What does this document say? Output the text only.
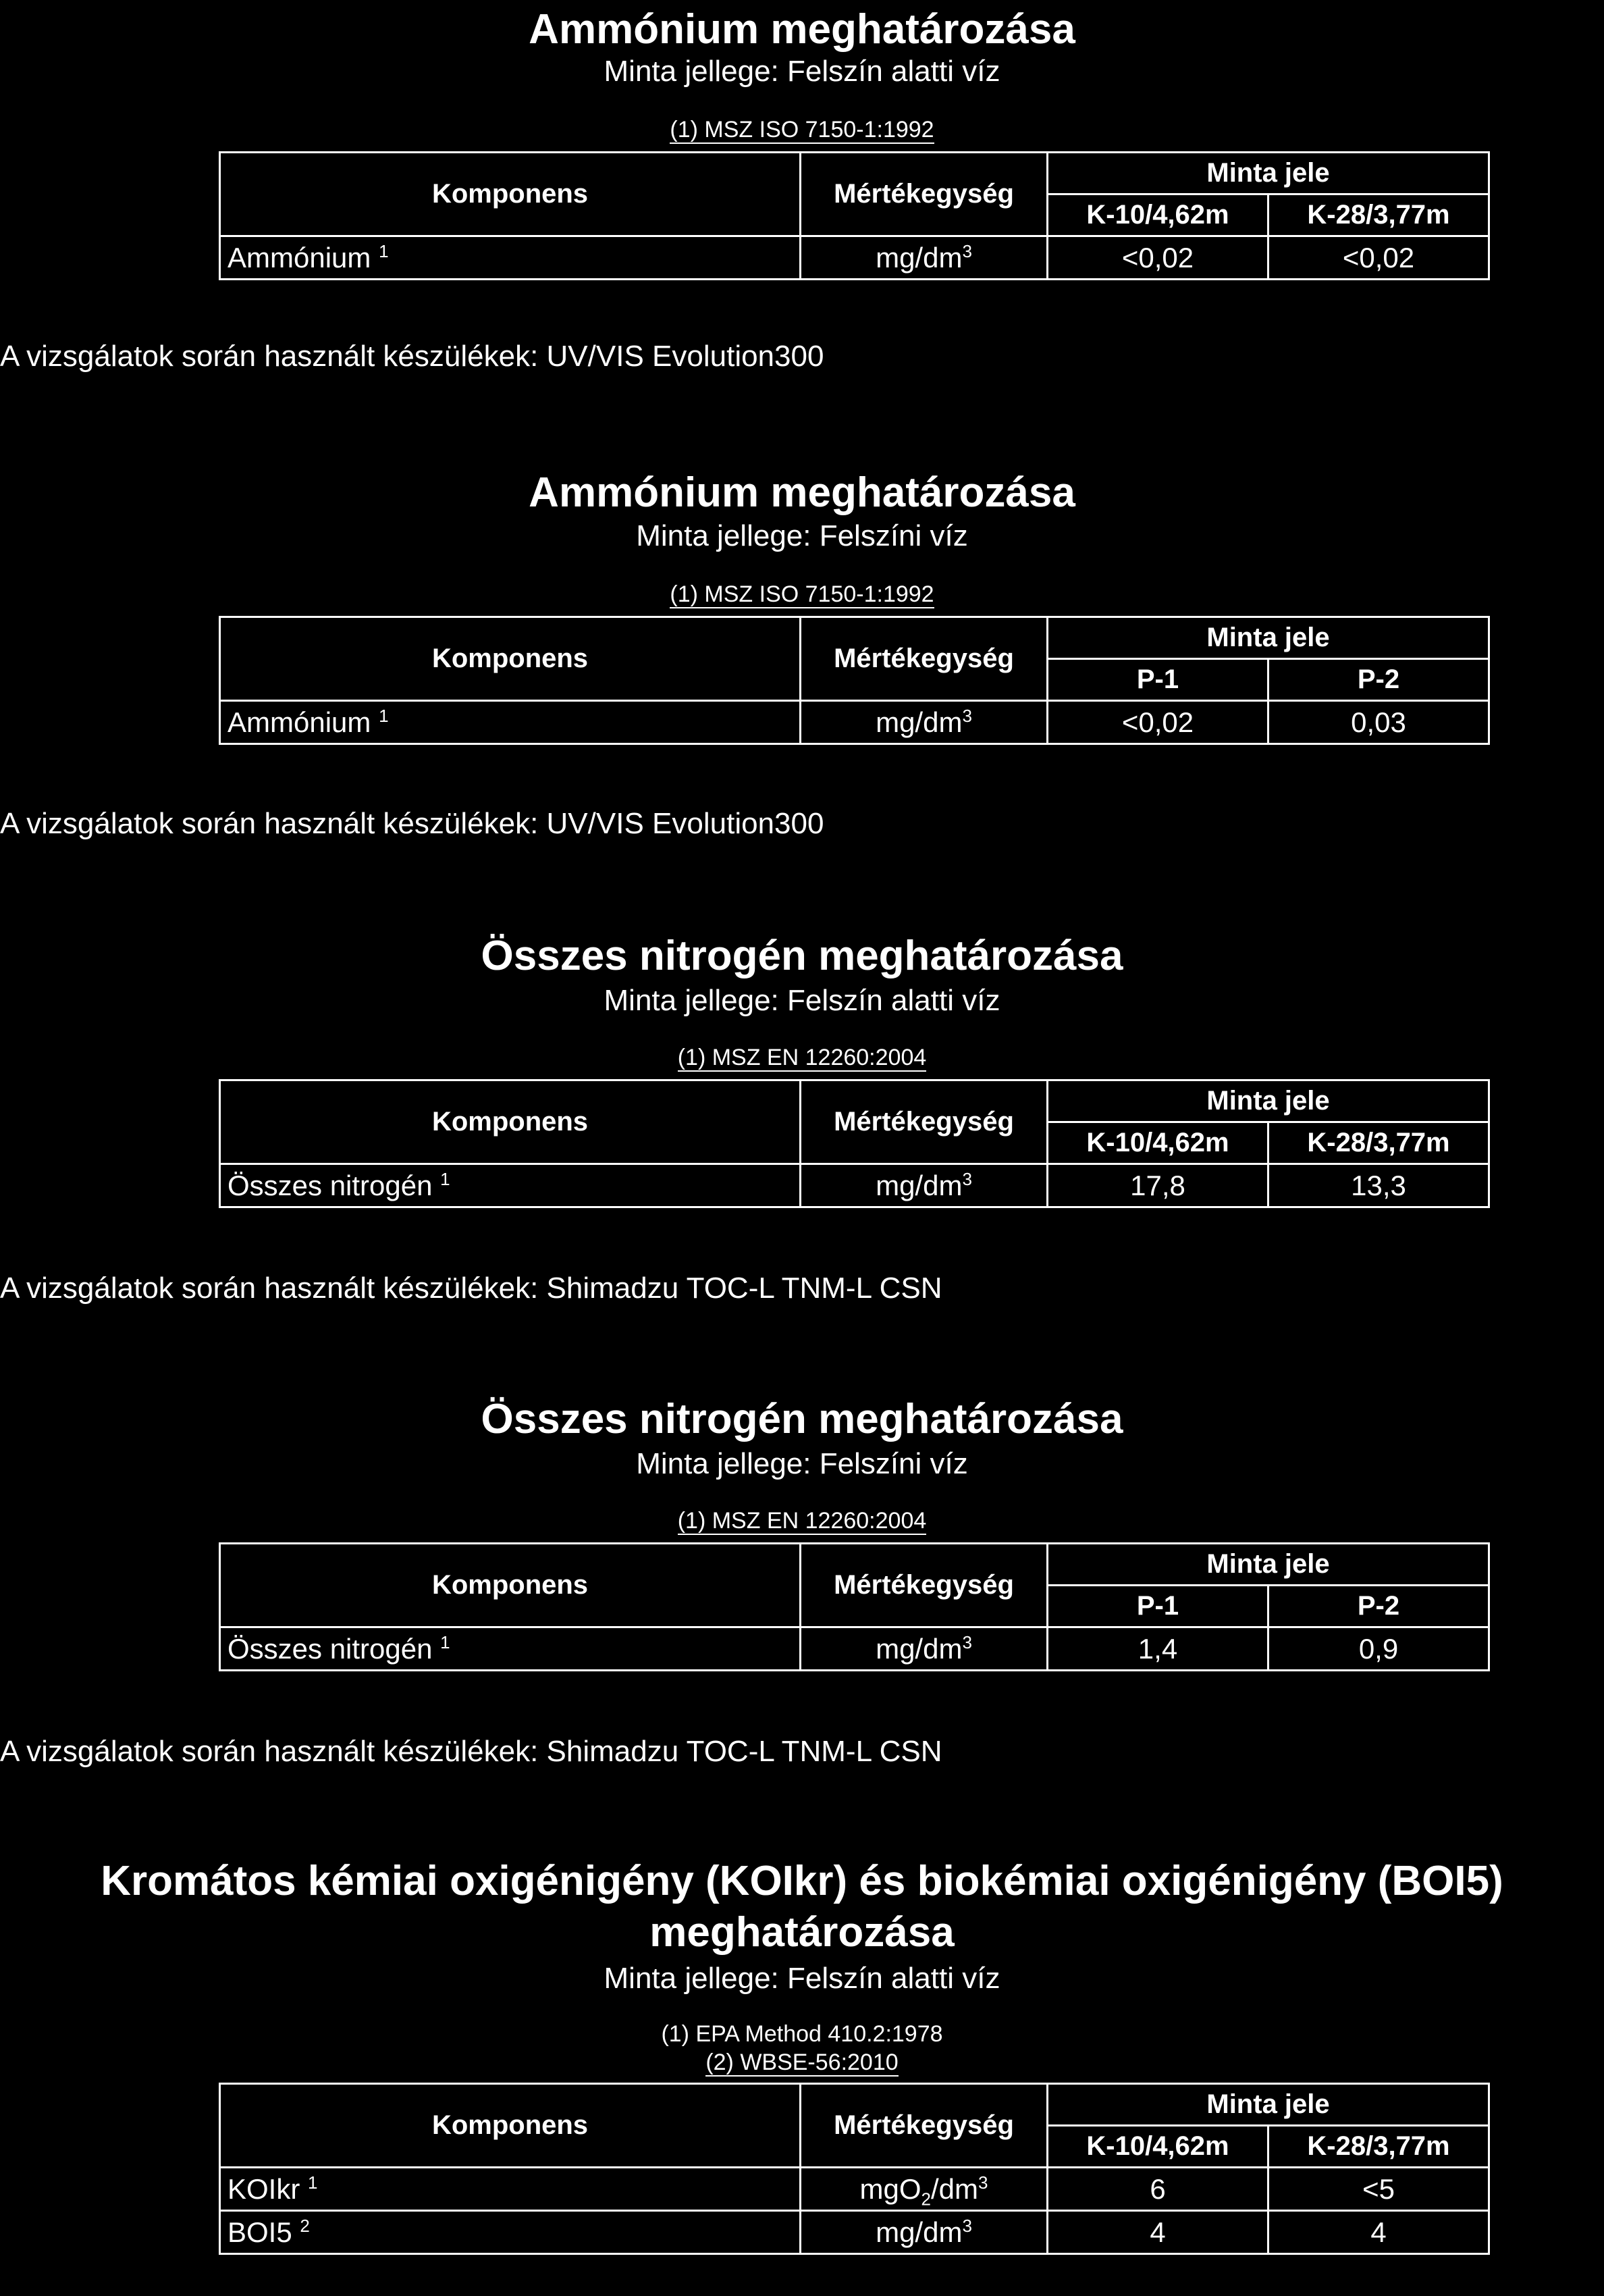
Ammónium meghatározása
Minta jellege: Felszín alatti víz
(1) MSZ ISO 7150-1:1992
Komponens	Mértékegység	Minta jele	
		K-10/4,62m	K-28/3,77m
Ammónium $^1$	$mg/dm^3$	<0,02	<0,02
A vizsgálatok során használt készülékek: UV/VIS Evolution300
Ammónium meghatározása
Minta jellege: Felszíni víz
(1) MSZ ISO 7150-1:1992
Komponens	Mértékegység	Minta jele	
		P-1	P-2
Ammónium $^1$	$mg/dm^3$	<0,02	0,03
A vizsgálatok során használt készülékek: UV/VIS Evolution300
Összes nitrogén meghatározása
Minta jellege: Felszín alatti víz
(1) MSZ EN 12260:2004
Komponens	Mértékegység	Minta jele	
		K-10/4,62m	K-28/3,77m
Összes nitrogén $^1$	$mg/dm^3$	17,8	13,3
A vizsgálatok során használt készülékek: Shimadzu TOC-L TNM-L CSN
Összes nitrogén meghatározása
Minta jellege: Felszíni víz
(1) MSZ EN 12260:2004
Komponens	Mértékegység	Minta jele	
		P-1	P-2
Összes nitrogén $^1$	$mg/dm^3$	1,4	0,9
A vizsgálatok során használt készülékek: Shimadzu TOC-L TNM-L CSN
Kromátos kémiai oxigénigény (KOIkr) és biokémiai oxigénigény (BOI5)
meghatározása
Minta jellege: Felszín alatti víz
(1) EPA Method 410.2:1978
(2) WBSE-56:2010
Komponens	Mértékegység	Minta jele	
		K-10/4,62m	K-28/3,77m
KOIkr $^1$	$mgO_2/dm^3$	6	<5
BOI5 $^2$	$mg/dm^3$	4	4
